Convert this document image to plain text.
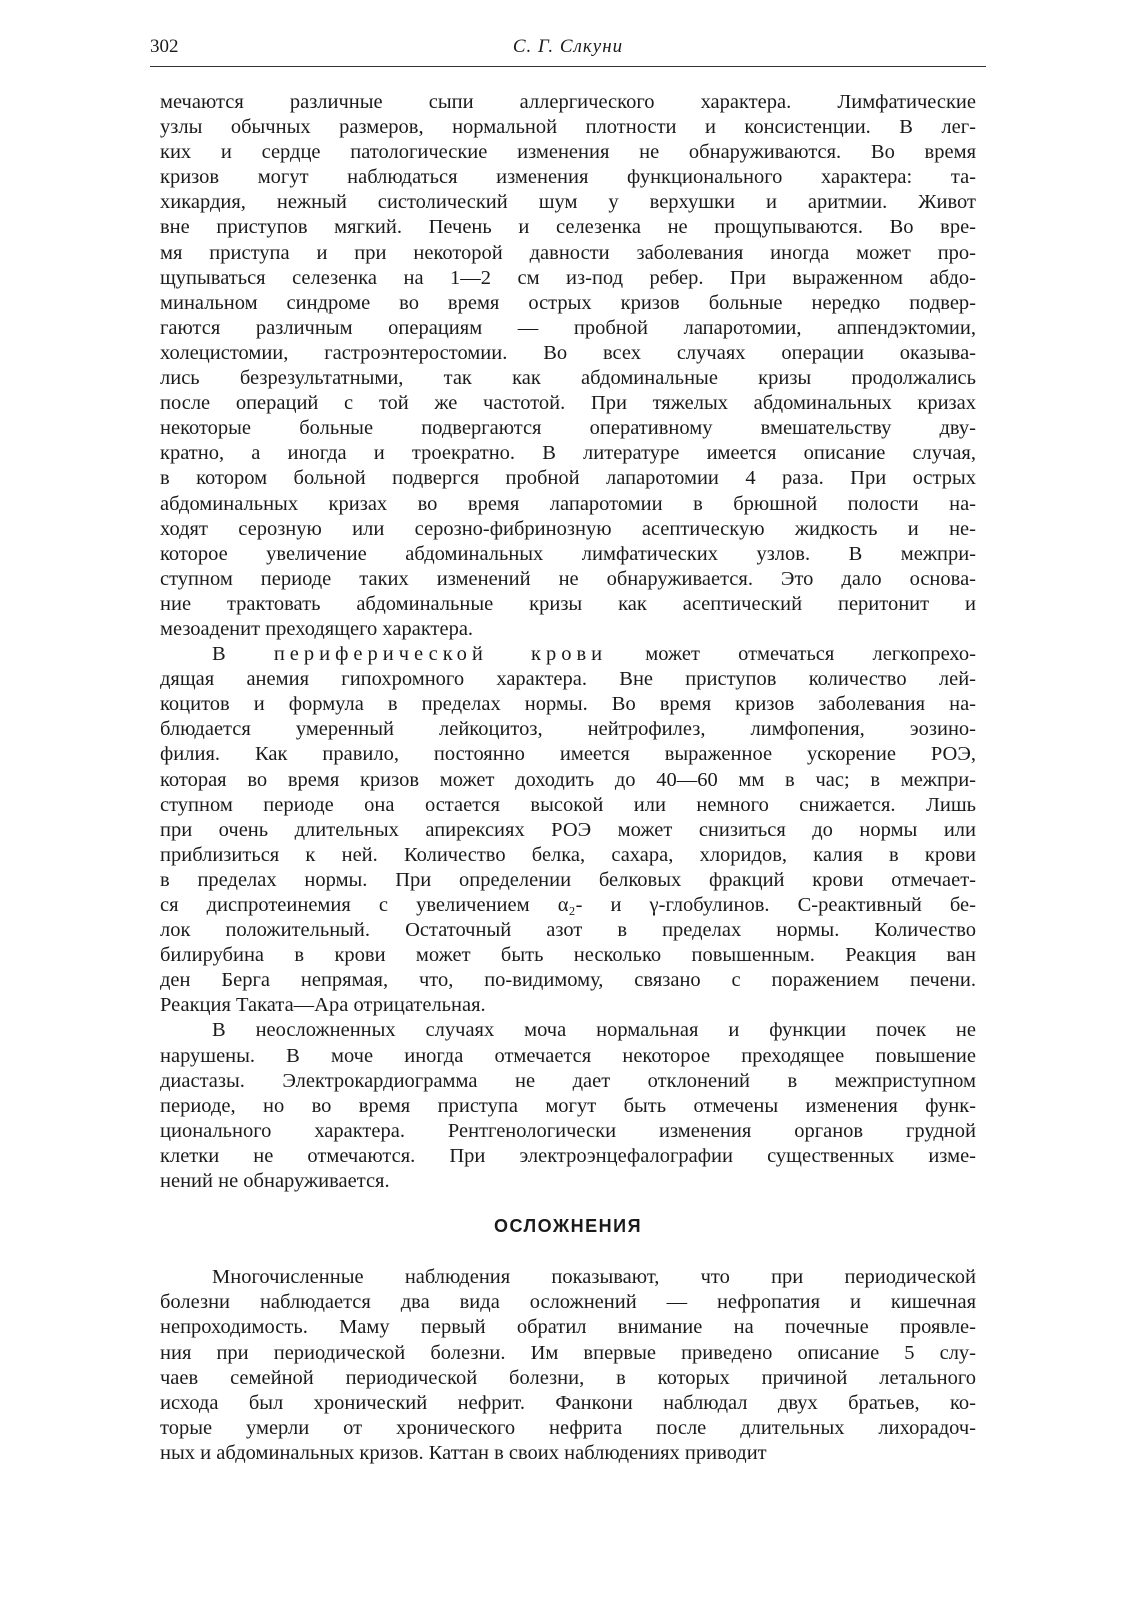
302	С. Г. Слкуни
мечаются различные сыпи аллергического характера. Лимфатические
узлы обычных размеров, нормальной плотности и консистенции. В лег-
ких и сердце патологические изменения не обнаруживаются. Во время
кризов могут наблюдаться изменения функционального характера: та-
хикардия, нежный систолический шум у верхушки и аритмии. Живот
вне приступов мягкий. Печень и селезенка не прощупываются. Во вре-
мя приступа и при некоторой давности заболевания иногда может про-
щупываться селезенка на 1—2 см из-под ребер. При выраженном абдо-
минальном синдроме во время острых кризов больные нередко подвер-
гаются различным операциям — пробной лапаротомии, аппендэктомии,
холецистомии, гастроэнтеростомии. Во всех случаях операции оказыва-
лись безрезультатными, так как абдоминальные кризы продолжались
после операций с той же частотой. При тяжелых абдоминальных кризах
некоторые больные подвергаются оперативному вмешательству дву-
кратно, а иногда и троекратно. В литературе имеется описание случая,
в котором больной подвергся пробной лапаротомии 4 раза. При острых
абдоминальных кризах во время лапаротомии в брюшной полости на-
ходят серозную или серозно-фибринозную асептическую жидкость и не-
которое увеличение абдоминальных лимфатических узлов. В межпри-
ступном периоде таких изменений не обнаруживается. Это дало основа-
ние трактовать абдоминальные кризы как асептический перитонит и
мезоаденит преходящего характера.
В периферической крови может отмечаться легкопрехо-
дящая анемия гипохромного характера. Вне приступов количество лей-
коцитов и формула в пределах нормы. Во время кризов заболевания на-
блюдается умеренный лейкоцитоз, нейтрофилез, лимфопения, эозино-
филия. Как правило, постоянно имеется выраженное ускорение РОЭ,
которая во время кризов может доходить до 40—60 мм в час; в межпри-
ступном периоде она остается высокой или немного снижается. Лишь
при очень длительных апирексиях РОЭ может снизиться до нормы или
приблизиться к ней. Количество белка, сахара, хлоридов, калия в крови
в пределах нормы. При определении белковых фракций крови отмечает-
ся диспротеинемия с увеличением α₂- и γ-глобулинов. С-реактивный бе-
лок положительный. Остаточный азот в пределах нормы. Количество
билирубина в крови может быть несколько повышенным. Реакция ван
ден Берга непрямая, что, по-видимому, связано с поражением печени.
Реакция Таката—Ара отрицательная.
В неосложненных случаях моча нормальная и функции почек не
нарушены. В моче иногда отмечается некоторое преходящее повышение
диастазы. Электрокардиограмма не дает отклонений в межприступном
периоде, но во время приступа могут быть отмечены изменения функ-
ционального характера. Рентгенологически изменения органов грудной
клетки не отмечаются. При электроэнцефалографии существенных изме-
нений не обнаруживается.
ОСЛОЖНЕНИЯ
Многочисленные наблюдения показывают, что при периодической
болезни наблюдается два вида осложнений — нефропатия и кишечная
непроходимость. Маму первый обратил внимание на почечные проявле-
ния при периодической болезни. Им впервые приведено описание 5 слу-
чаев семейной периодической болезни, в которых причиной летального
исхода был хронический нефрит. Фанкони наблюдал двух братьев, ко-
торые умерли от хронического нефрита после длительных лихорадоч-
ных и абдоминальных кризов. Каттан в своих наблюдениях приводит
